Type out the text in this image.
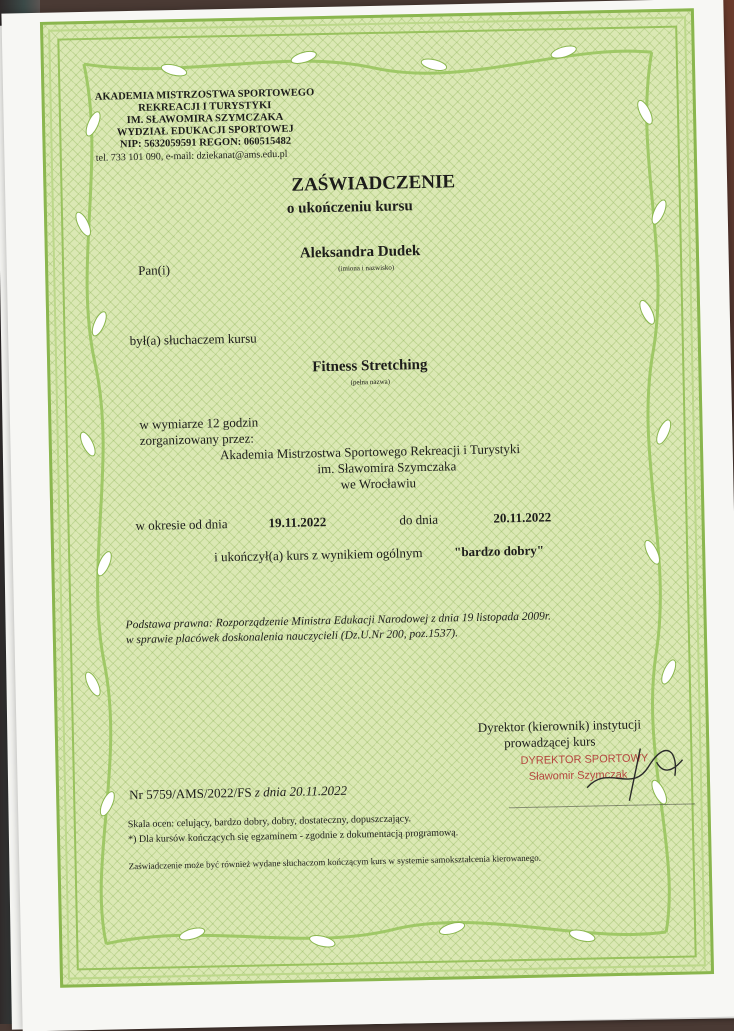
AKADEMIA MISTRZOSTWA SPORTOWEGO
REKREACJI I TURYSTYKI
IM. SŁAWOMIRA SZYMCZAKA
WYDZIAŁ EDUKACJI SPORTOWEJ
NIP: 5632059591 REGON: 060515482
tel. 733 101 090, e-mail: dziekanat@ams.edu.pl
ZAŚWIADCZENIE
o ukończeniu kursu
Pan(i)
Aleksandra Dudek
(imiona i nazwisko)
był(a) słuchaczem kursu
Fitness Stretching
(pełna nazwa)
w wymiarze 12 godzin
zorganizowany przez:
Akademia Mistrzostwa Sportowego Rekreacji i Turystyki
im. Sławomira Szymczaka
we Wrocławiu
w okresie od dnia	19.11.2022	do dnia	20.11.2022
i ukończył(a) kurs z wynikiem ogólnym "bardzo dobry"
Podstawa prawna: Rozporządzenie Ministra Edukacji Narodowej z dnia 19 listopada 2009r.
w sprawie placówek doskonalenia nauczycieli (Dz.U.Nr 200, poz.1537).
Dyrektor (kierownik) instytucji
prowadzącej kurs
DYREKTOR SPORTOWY
Sławomir Szymczak
Nr 5759/AMS/2022/FS z dnia 20.11.2022
Skala ocen: celujący, bardzo dobry, dobry, dostateczny, dopuszczający.
*) Dla kursów kończących się egzaminem - zgodnie z dokumentacją programową.
Zaświadczenie może być również wydane słuchaczom kończącym kurs w systemie samokształcenia kierowanego.
